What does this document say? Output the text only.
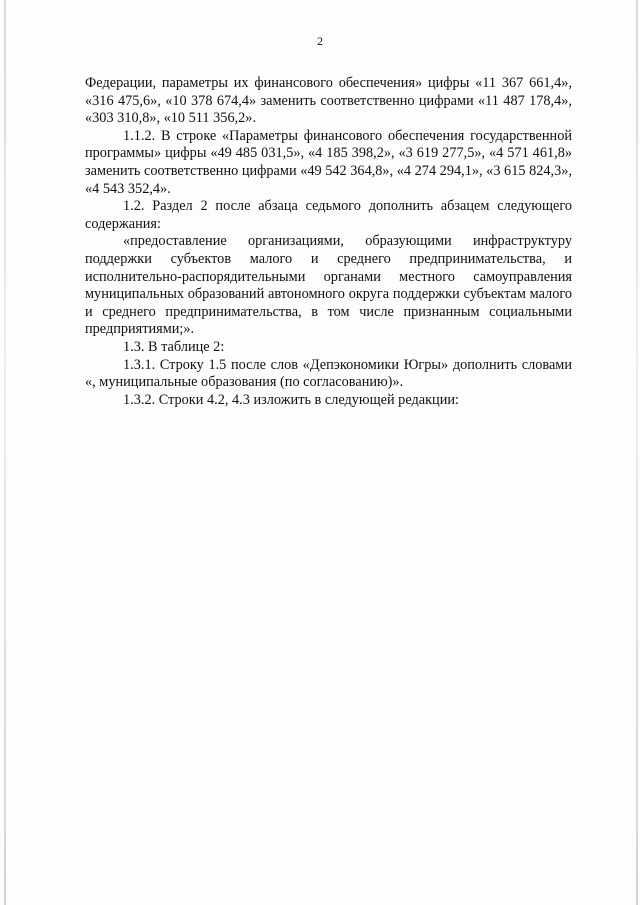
2

Федерации, параметры их финансового обеспечения» цифры «11 367 661,4», «316 475,6», «10 378 674,4» заменить соответственно цифрами «11 487 178,4», «303 310,8», «10 511 356,2».

1.1.2. В строке «Параметры финансового обеспечения государственной программы» цифры «49 485 031,5», «4 185 398,2», «3 619 277,5», «4 571 461,8» заменить соответственно цифрами «49 542 364,8», «4 274 294,1», «3 615 824,3», «4 543 352,4».

1.2. Раздел 2 после абзаца седьмого дополнить абзацем следующего содержания:

«предоставление организациями, образующими инфраструктуру поддержки субъектов малого и среднего предпринимательства, и исполнительно-распорядительными органами местного самоуправления муниципальных образований автономного округа поддержки субъектам малого и среднего предпринимательства, в том числе признанным социальными предприятиями;».

1.3. В таблице 2:

1.3.1. Строку 1.5 после слов «Депэкономики Югры» дополнить словами «, муниципальные образования (по согласованию)».

1.3.2. Строки 4.2, 4.3 изложить в следующей редакции:
